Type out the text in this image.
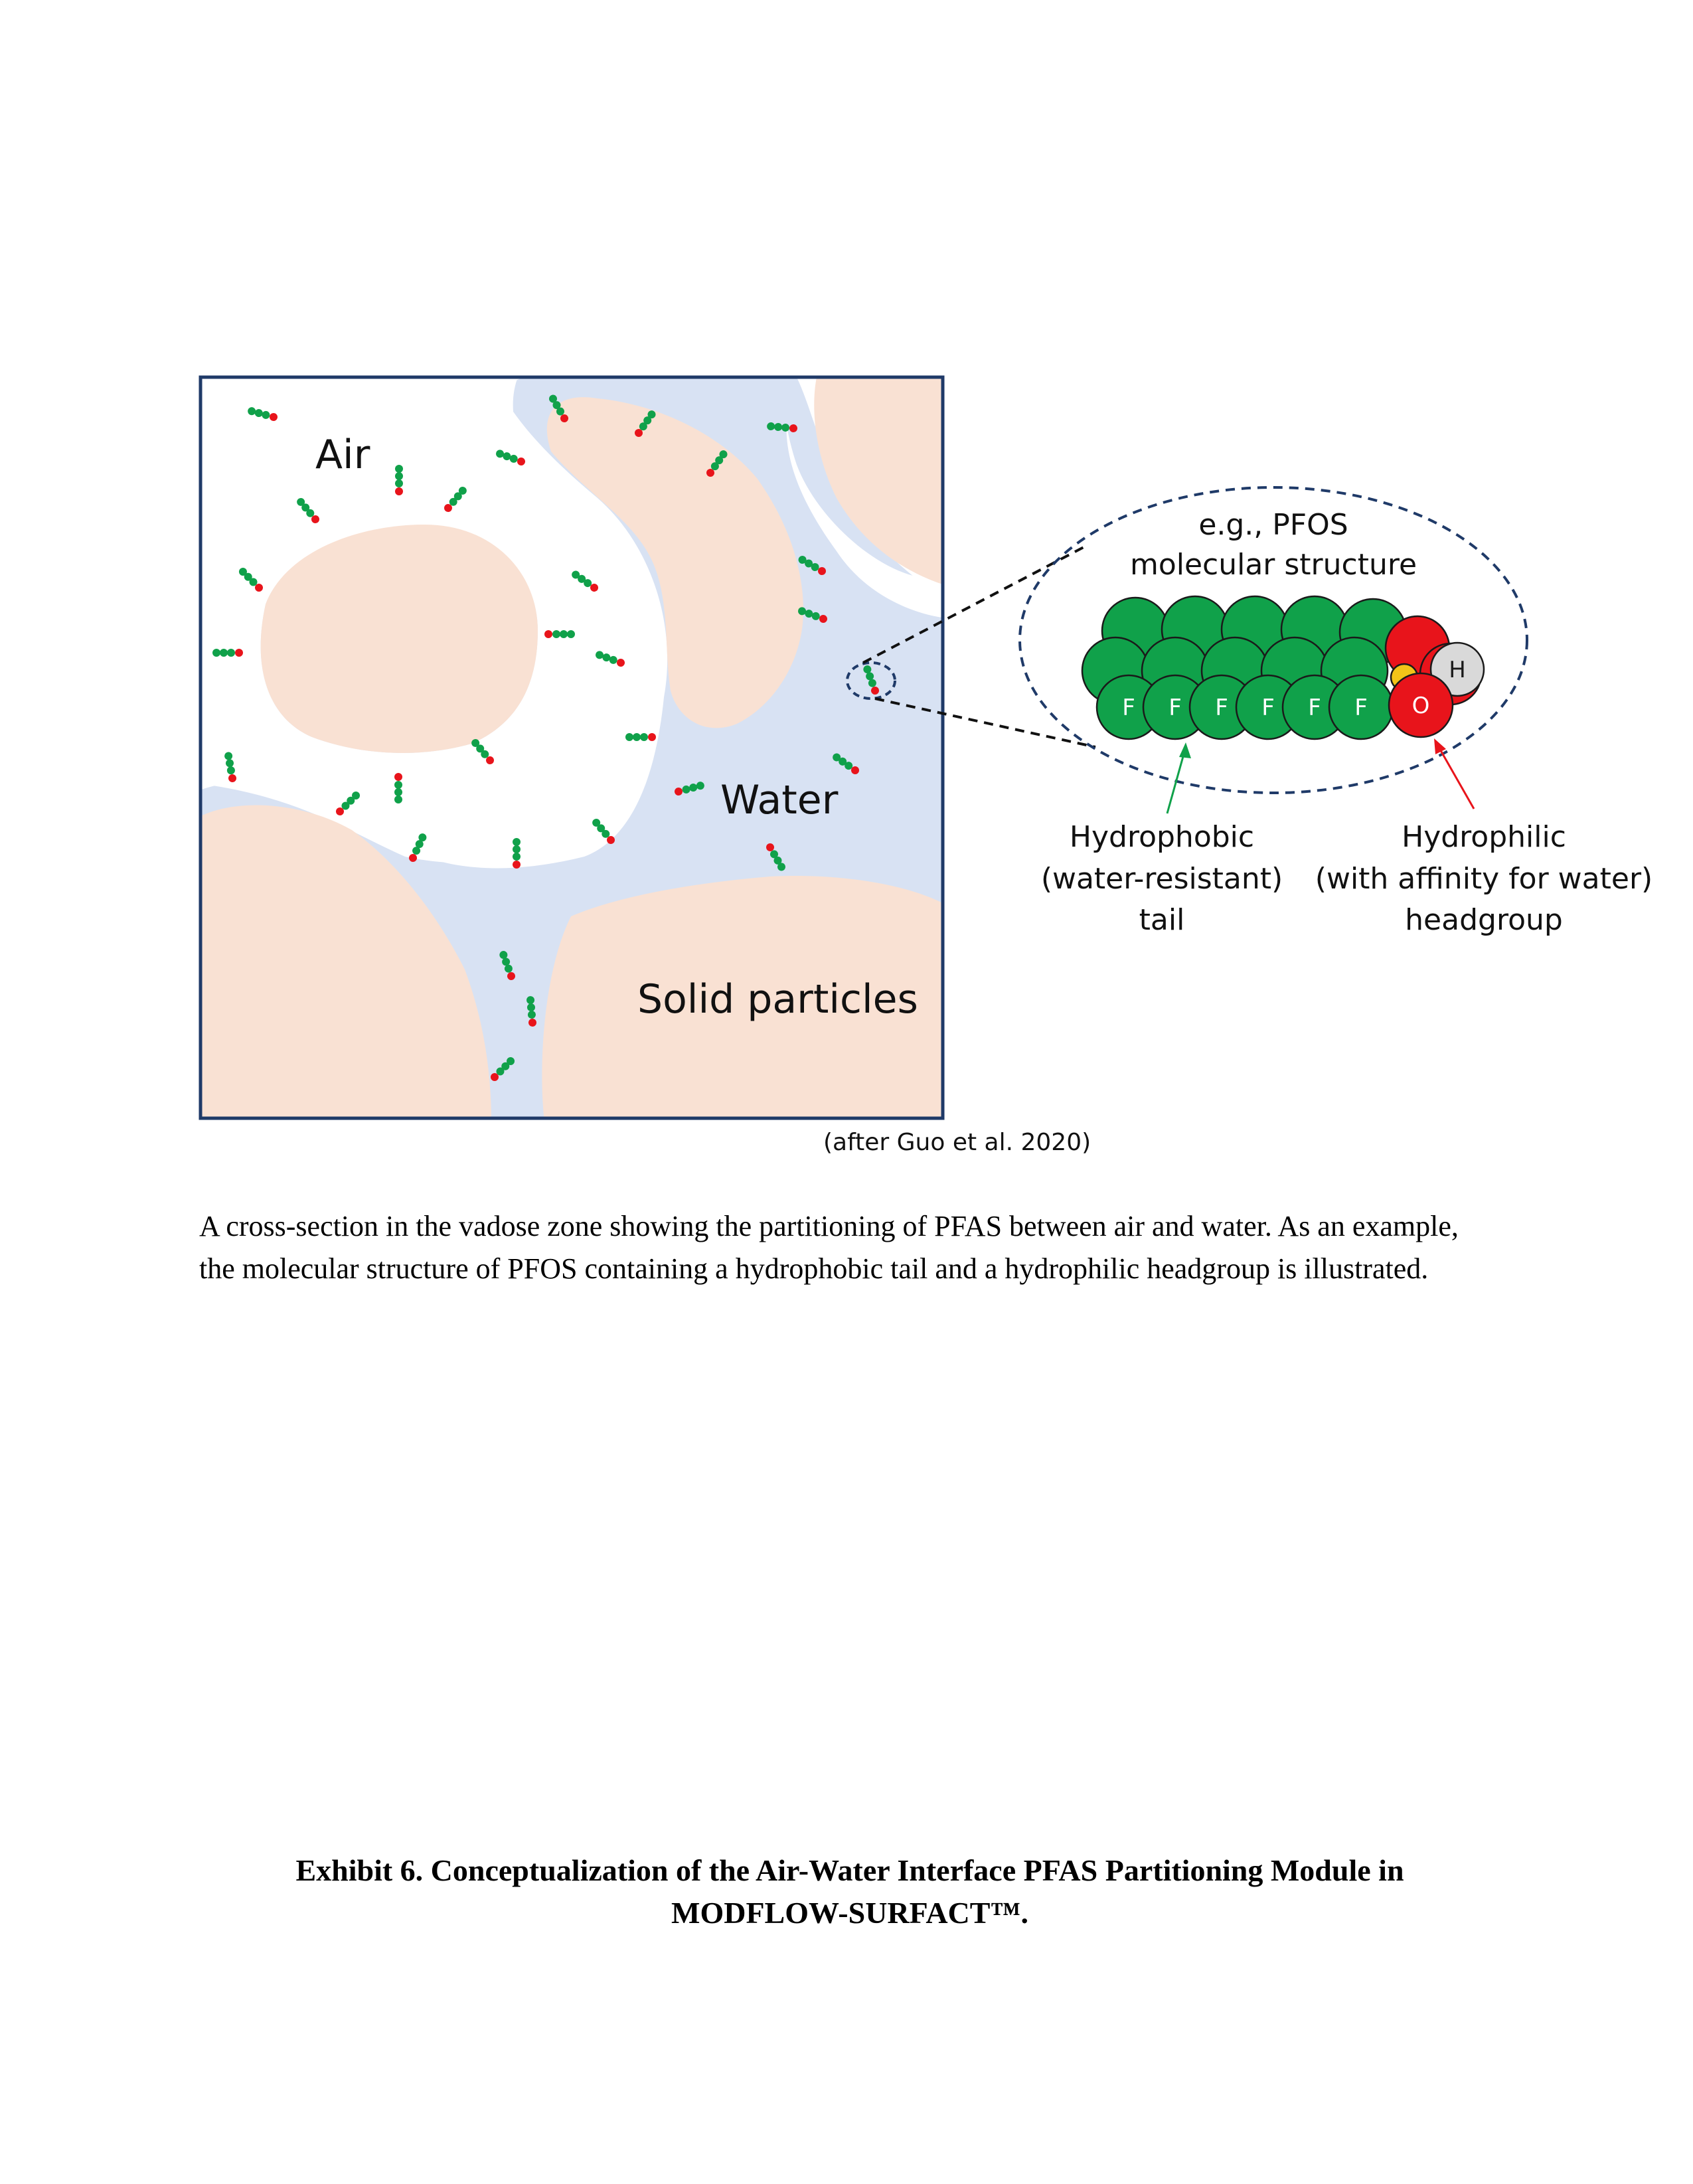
Air
Water
Solid particles
e.g., PFOS
molecular structure
F F F F F F O
H
Hydrophobic
(water-resistant)
tail
Hydrophilic
(with affinity for water)
headgroup
(after Guo et al. 2020)
A cross-section in the vadose zone showing the partitioning of PFAS between air and water. As an example, the molecular structure of PFOS containing a hydrophobic tail and a hydrophilic headgroup is illustrated.
Exhibit 6. Conceptualization of the Air-Water Interface PFAS Partitioning Module in
MODFLOW-SURFACT™.
